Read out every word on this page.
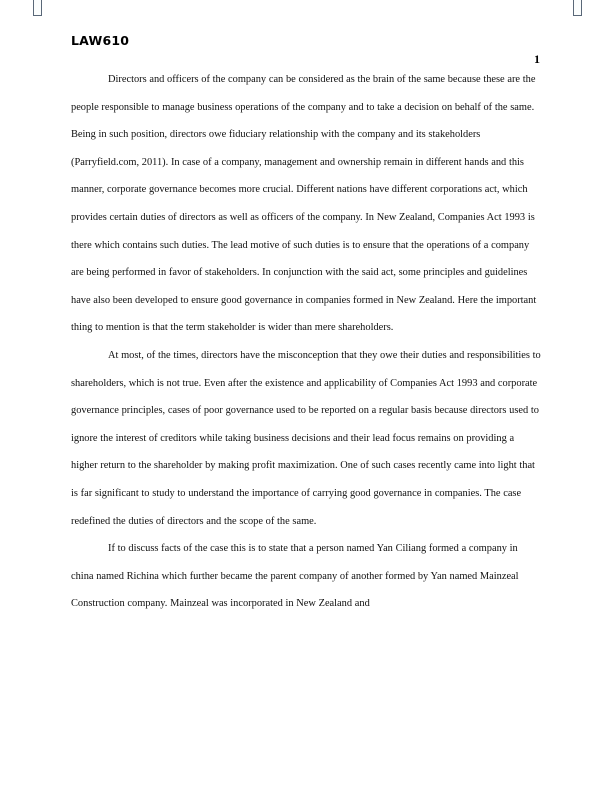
LAW610
1

Directors and officers of the company can be considered as the brain of the same because these are the people responsible to manage business operations of the company and to take a decision on behalf of the same. Being in such position, directors owe fiduciary relationship with the company and its stakeholders (Parryfield.com, 2011). In case of a company, management and ownership remain in different hands and this manner, corporate governance becomes more crucial. Different nations have different corporations act, which provides certain duties of directors as well as officers of the company. In New Zealand, Companies Act 1993 is there which contains such duties. The lead motive of such duties is to ensure that the operations of a company are being performed in favor of stakeholders. In conjunction with the said act, some principles and guidelines have also been developed to ensure good governance in companies formed in New Zealand. Here the important thing to mention is that the term stakeholder is wider than mere shareholders.

At most, of the times, directors have the misconception that they owe their duties and responsibilities to shareholders, which is not true. Even after the existence and applicability of Companies Act 1993 and corporate governance principles, cases of poor governance used to be reported on a regular basis because directors used to ignore the interest of creditors while taking business decisions and their lead focus remains on providing a higher return to the shareholder by making profit maximization. One of such cases recently came into light that is far significant to study to understand the importance of carrying good governance in companies. The case redefined the duties of directors and the scope of the same.

If to discuss facts of the case this is to state that a person named Yan Ciliang formed a company in china named Richina which further became the parent company of another formed by Yan named Mainzeal Construction company. Mainzeal was incorporated in New Zealand and
